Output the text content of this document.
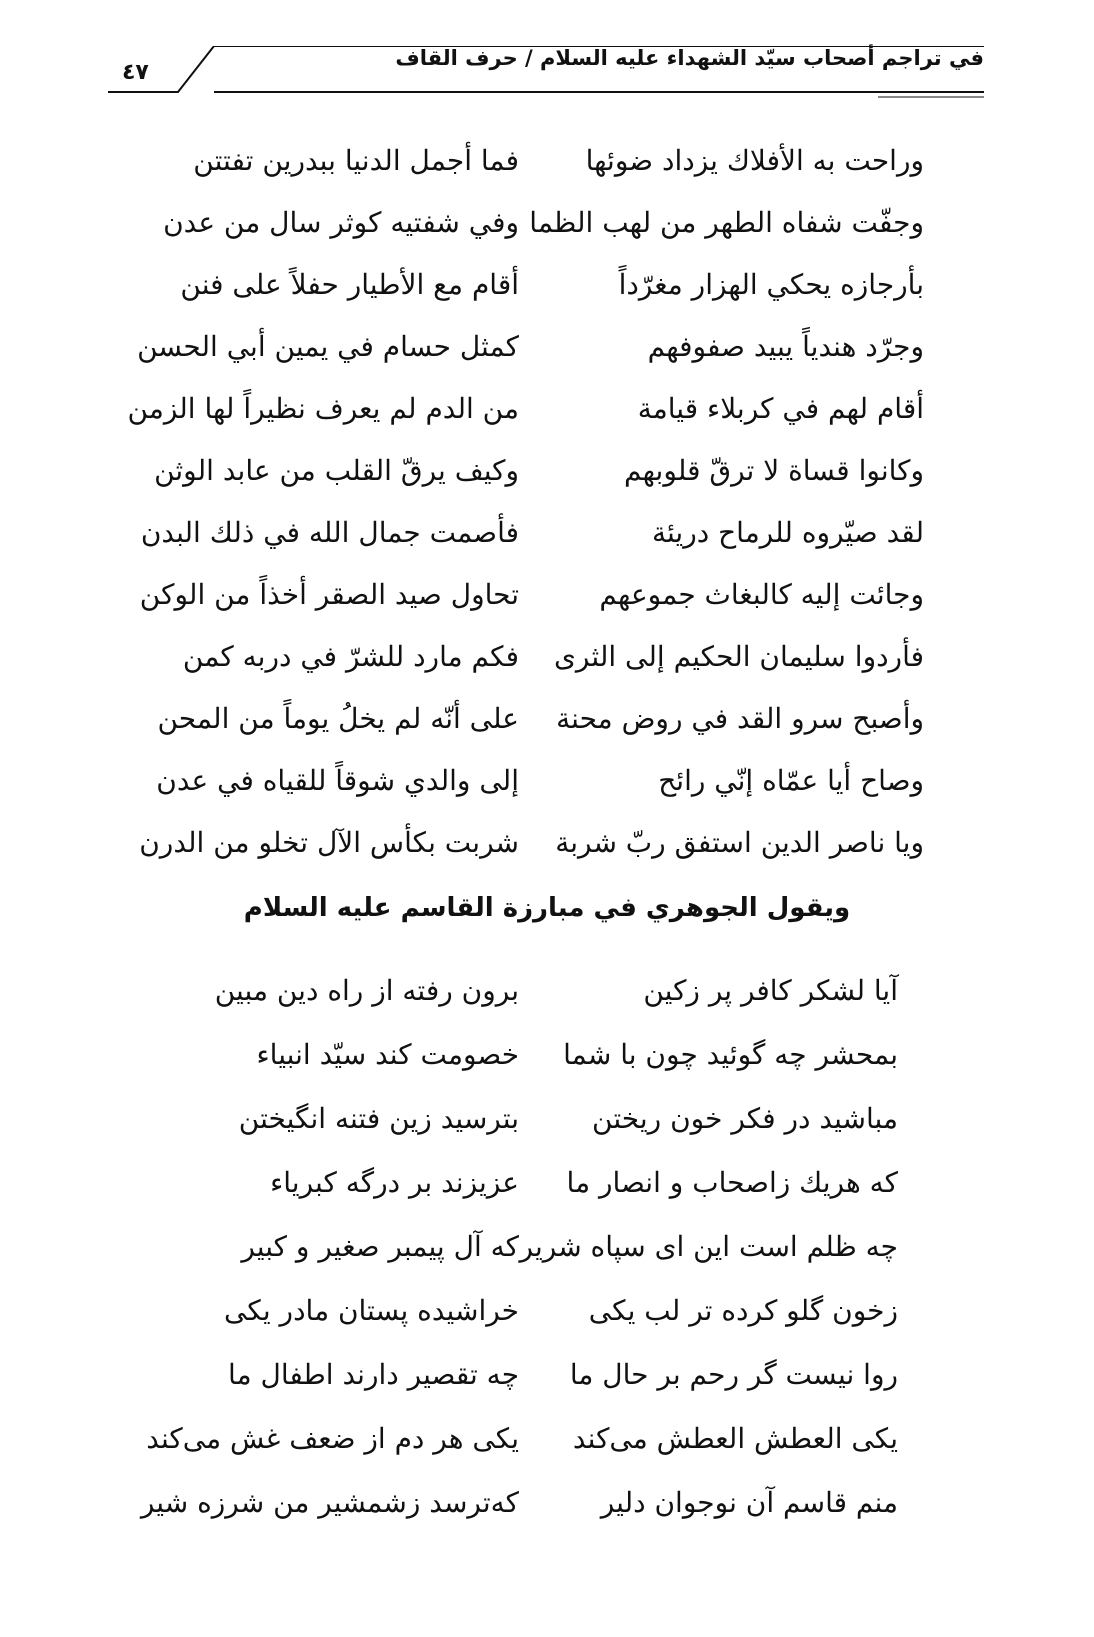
في تراجم أصحاب سيّد الشهداء عليه السلام / حرف القاف
٤٧
وراحت به الأفلاك يزداد ضوئها
فما أجمل الدنيا ببدرين تفتتن
وجفّت شفاه الطهر من لهب الظما
وفي شفتيه كوثر سال من عدن
بأرجازه يحكي الهزار مغرّداً
أقام مع الأطيار حفلاً على فنن
وجرّد هندياً يبيد صفوفهم
كمثل حسام في يمين أبي الحسن
أقام لهم في كربلاء قيامة
من الدم لم يعرف نظيراً لها الزمن
وكانوا قساة لا ترقّ قلوبهم
وكيف يرقّ القلب من عابد الوثن
لقد صيّروه للرماح دريئة
فأصمت جمال الله في ذلك البدن
وجائت إليه كالبغاث جموعهم
تحاول صيد الصقر أخذاً من الوكن
فأردوا سليمان الحكيم إلى الثرى
فكم مارد للشرّ في دربه كمن
وأصبح سرو القد في روض محنة
على أنّه لم يخلُ يوماً من المحن
وصاح أيا عمّاه إنّي رائح
إلى والدي شوقاً للقياه في عدن
ويا ناصر الدين استفق ربّ شربة
شربت بكأس الآل تخلو من الدرن
ويقول الجوهري في مبارزة القاسم عليه السلام
آيا لشكر كافر پر زكين
برون رفته از راه دين مبين
بمحشر چه گوئيد چون با شما
خصومت كند سيّد انبياء
مباشيد در فكر خون ريختن
بترسيد زين فتنه انگيختن
كه هريك زاصحاب و انصار ما
عزيزند بر درگه كبرياء
چه ظلم است اين اى سپاه شرير
كه آل پيمبر صغير و كبير
زخون گلو كرده تر لب يكى
خراشيده پستان مادر يكى
روا نيست گر رحم بر حال ما
چه تقصير دارند اطفال ما
يكى العطش العطش مى‌كند
يكى هر دم از ضعف غش مى‌كند
منم قاسم آن نوجوان دلير
كه‌ترسد زشمشير من شرزه شير
